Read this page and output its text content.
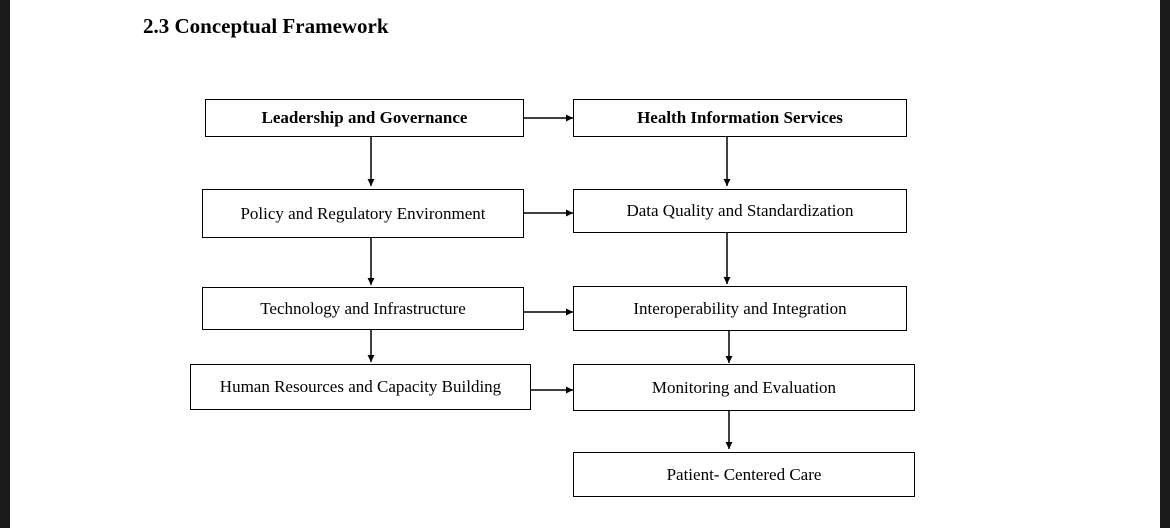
2.3 Conceptual Framework
Leadership and Governance
Policy and Regulatory Environment
Technology and Infrastructure
Human Resources and Capacity Building
Health Information Services
Data Quality and Standardization
Interoperability and Integration
Monitoring and Evaluation
Patient- Centered Care
